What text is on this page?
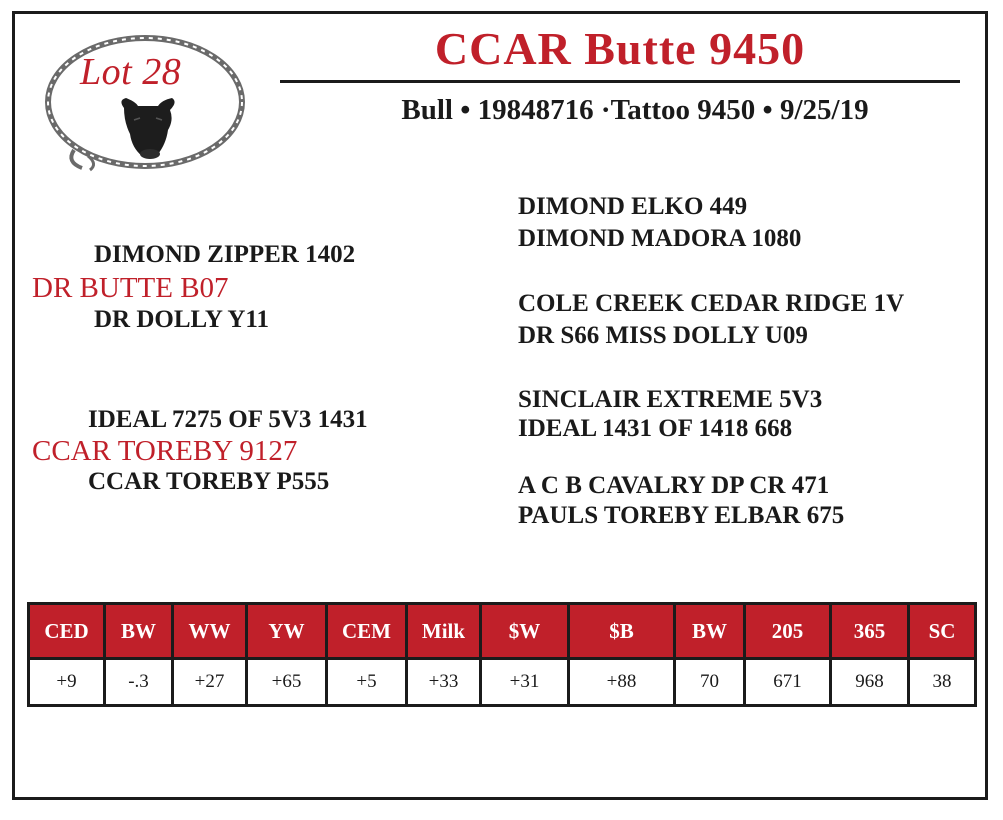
Lot 28	CCAR Butte 9450
Bull • 19848716 ·Tattoo 9450 • 9/25/19
DIMOND ELKO 449
DIMOND MADORA 1080
DIMOND ZIPPER 1402
DR BUTTE B07
DR DOLLY Y11
COLE CREEK CEDAR RIDGE 1V
DR S66 MISS DOLLY U09
SINCLAIR EXTREME 5V3
IDEAL 7275 OF 5V3 1431	IDEAL 1431 OF 1418 668
CCAR TOREBY 9127
CCAR TOREBY P555	A C B CAVALRY DP CR 471
PAULS TOREBY ELBAR 675
CED	BW	WW	YW	CEM	Milk	$W	$B	BW	205	365	SC
+9	-.3	+27	+65	+5	+33	+31	+88	70	671	968	38
